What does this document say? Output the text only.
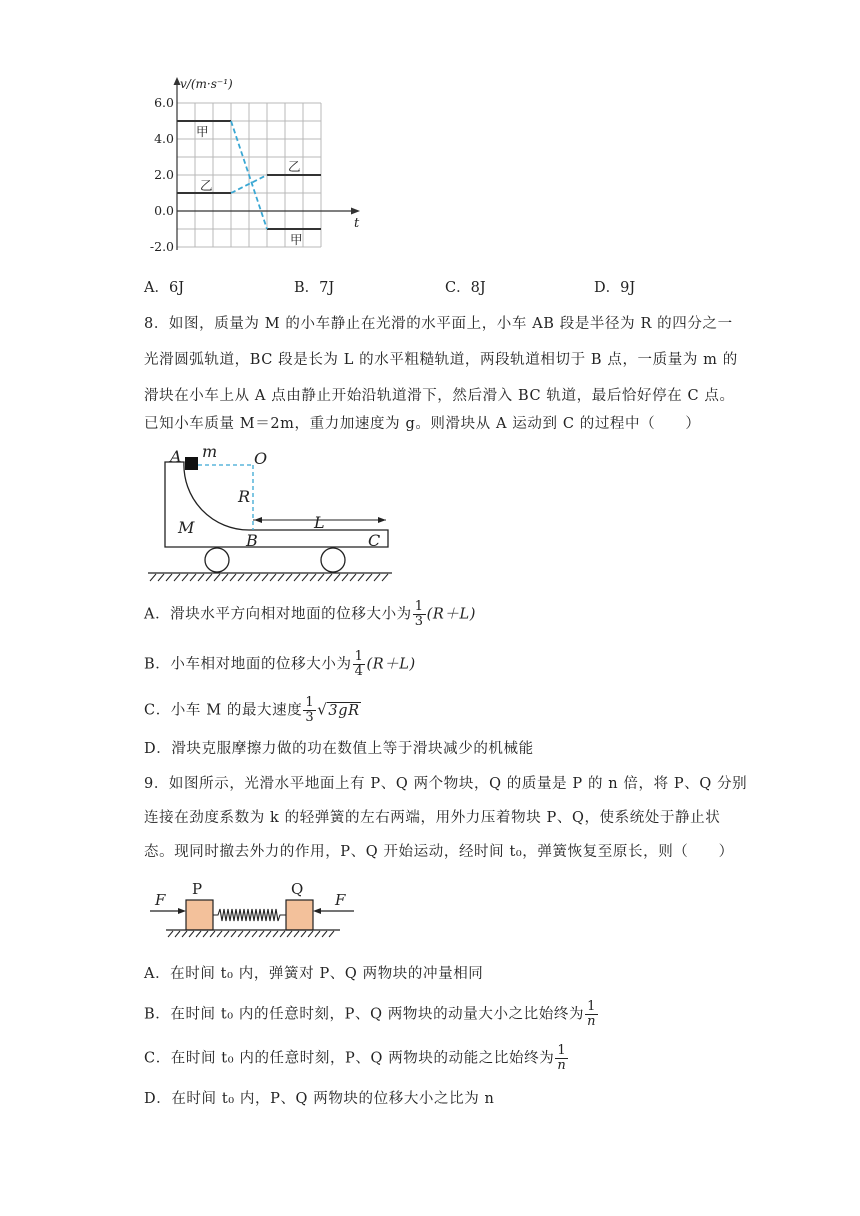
6.0
4.0
2.0
0.0
-2.0
v/(m·s⁻¹)
t
甲
乙
乙
甲
A．6J	B．7J	C．8J	D．9J
8．如图，质量为 M 的小车静止在光滑的水平面上，小车 AB 段是半径为 R 的四分之一
光滑圆弧轨道，BC 段是长为 L 的水平粗糙轨道，两段轨道相切于 B 点，一质量为 m 的
滑块在小车上从 A 点由静止开始沿轨道滑下，然后滑入 BC 轨道，最后恰好停在 C 点。
已知小车质量 M＝2m，重力加速度为 g。则滑块从 A 运动到 C 的过程中（　　）
A m O
R
M	L
B	C
A．滑块水平方向相对地面的位移大小为 $\frac{1}{3} (R+L)$
B．小车相对地面的位移大小为 $\frac{1}{4} (R+L)$
C．小车 M 的最大速度 $\frac{1}{3} √3gR$
D．滑块克服摩擦力做的功在数值上等于滑块减少的机械能
9．如图所示，光滑水平地面上有 P、Q 两个物块，Q 的质量是 P 的 n 倍，将 P、Q 分别
连接在劲度系数为 k 的轻弹簧的左右两端，用外力压着物块 P、Q，使系统处于静止状
态。现同时撤去外力的作用，P、Q 开始运动，经时间 t₀，弹簧恢复至原长，则（　　）
F
P	Q
F
A．在时间 t₀ 内，弹簧对 P、Q 两物块的冲量相同
B．在时间 t₀ 内的任意时刻，P、Q 两物块的动量大小之比始终为 $\frac{1}{n}$
C．在时间 t₀ 内的任意时刻，P、Q 两物块的动能之比始终为 $\frac{1}{n}$
D．在时间 t₀ 内，P、Q 两物块的位移大小之比为 n
